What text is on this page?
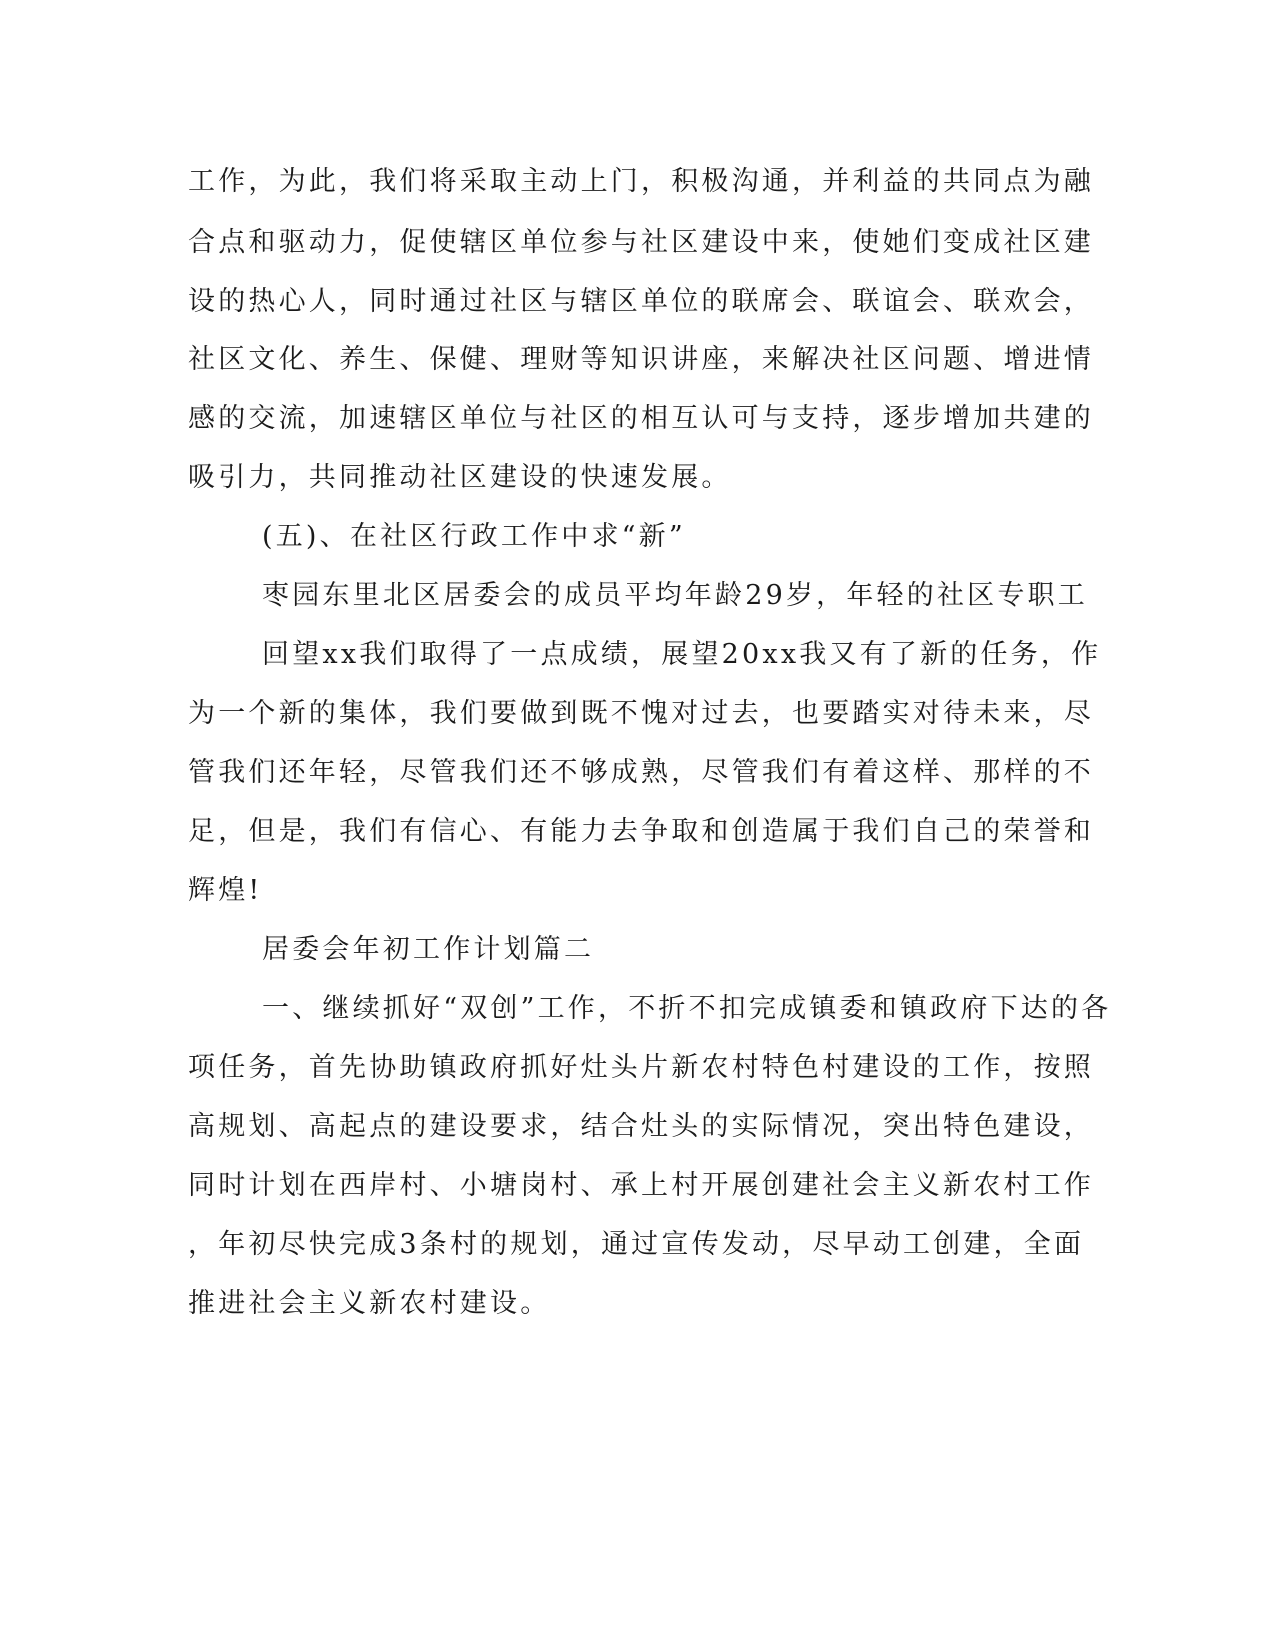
工作，为此，我们将采取主动上门，积极沟通，并利益的共同点为融
合点和驱动力，促使辖区单位参与社区建设中来，使她们变成社区建
设的热心人，同时通过社区与辖区单位的联席会、联谊会、联欢会，
社区文化、养生、保健、理财等知识讲座，来解决社区问题、增进情
感的交流，加速辖区单位与社区的相互认可与支持，逐步增加共建的
吸引力，共同推动社区建设的快速发展。
(五)、在社区行政工作中求“新”
枣园东里北区居委会的成员平均年龄29岁，年轻的社区专职工
回望xx我们取得了一点成绩，展望20xx我又有了新的任务，作
为一个新的集体，我们要做到既不愧对过去，也要踏实对待未来，尽
管我们还年轻，尽管我们还不够成熟，尽管我们有着这样、那样的不
足，但是，我们有信心、有能力去争取和创造属于我们自己的荣誉和
辉煌!
居委会年初工作计划篇二
一、继续抓好“双创”工作，不折不扣完成镇委和镇政府下达的各
项任务，首先协助镇政府抓好灶头片新农村特色村建设的工作，按照
高规划、高起点的建设要求，结合灶头的实际情况，突出特色建设，
同时计划在西岸村、小塘岗村、承上村开展创建社会主义新农村工作
，年初尽快完成3条村的规划，通过宣传发动，尽早动工创建，全面
推进社会主义新农村建设。
